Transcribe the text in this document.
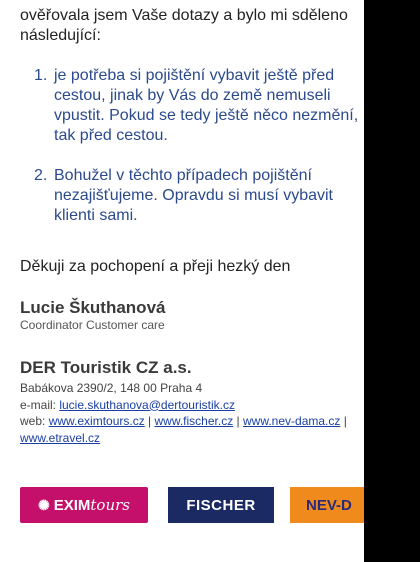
ověřovala jsem Vaše dotazy a bylo mi sděleno následující:

1. je potřeba si pojištění vybavit ještě před cestou, jinak by Vás do země nemuseli vpustit. Pokud se tedy ještě něco nezmění, tak před cestou.
2. Bohužel v těchto případech pojištění nezajišťujeme. Opravdu si musí vybavit klienti sami.

Děkuji za pochopení a přeji hezký den

Lucie Škuthanová
Coordinator Customer care
DER Touristik CZ a.s.
Babákova 2390/2, 148 00 Praha 4
e-mail: lucie.skuthanova@dertouristik.cz
web: www.eximtours.cz | www.fischer.cz | www.nev-dama.cz | www.etravel.cz
✺ EXIM tours	FISCHER	NEV-D
